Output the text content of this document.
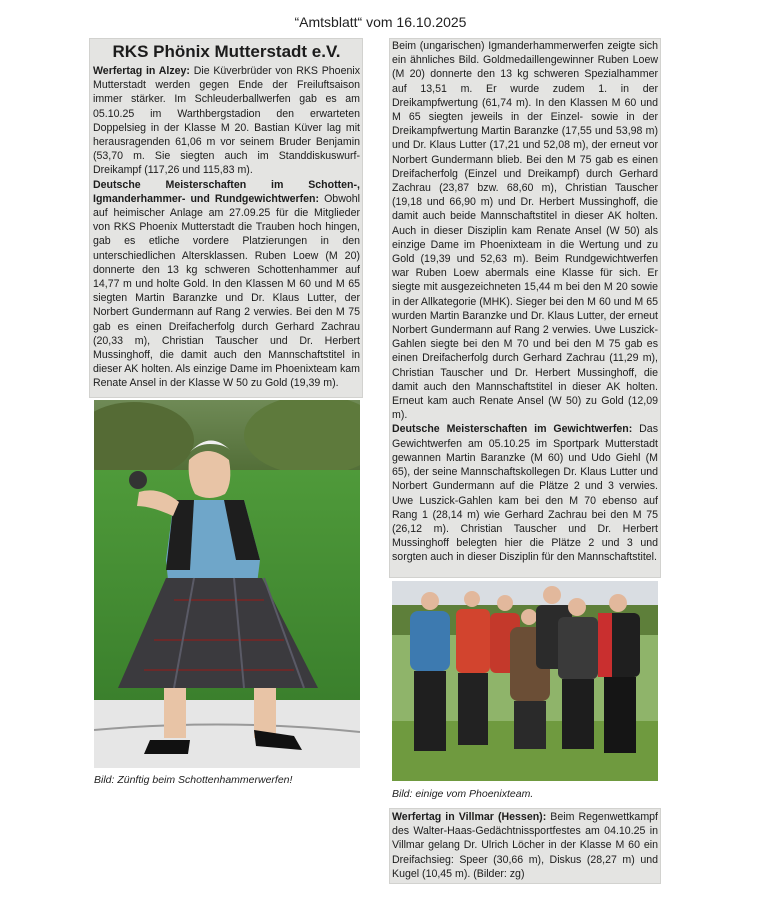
“Amtsblatt“ vom 16.10.2025
RKS Phönix Mutterstadt e.V.

Werfertag in Alzey: Die Küverbrüder von RKS Phoenix Mutterstadt werden gegen Ende der Freiluftsaison immer stärker. Im Schleuderballwerfen gab es am 05.10.25 im Warthbergstadion den erwarteten Doppelsieg in der Klasse M 20. Bastian Küver lag mit herausragenden 61,06 m vor seinem Bruder Benjamin (53,70 m. Sie siegten auch im Standdiskuswurf-Dreikampf (117,26 und 115,83 m).

Deutsche Meisterschaften im Schotten-, Igmanderhammer- und Rundgewichtwerfen: Obwohl auf heimischer Anlage am 27.09.25 für die Mitglieder von RKS Phoenix Mutterstadt die Trauben hoch hingen, gab es etliche vordere Platzierungen in den unterschiedlichen Altersklassen. Ruben Loew (M 20) donnerte den 13 kg schweren Schottenhammer auf 14,77 m und holte Gold. In den Klassen M 60 und M 65 siegten Martin Baranzke und Dr. Klaus Lutter, der Norbert Gundermann auf Rang 2 verwies. Bei den M 75 gab es einen Dreifacherfolg durch Gerhard Zachrau (20,33 m), Christian Tauscher und Dr. Herbert Mussinghoff, die damit auch den Mannschaftstitel in dieser AK holten. Als einzige Dame im Phoenixteam kam Renate Ansel in der Klasse W 50 zu Gold (19,39 m).

Bild: Zünftig beim Schottenhammerwerfen!

Beim (ungarischen) Igmanderhammerwerfen zeigte sich ein ähnliches Bild. Goldmedaillengewinner Ruben Loew (M 20) donnerte den 13 kg schweren Spezialhammer auf 13,51 m. Er wurde zudem 1. in der Dreikampfwertung (61,74 m). In den Klassen M 60 und M 65 siegten jeweils in der Einzel- sowie in der Dreikampfwertung Martin Baranzke (17,55 und 53,98 m) und Dr. Klaus Lutter (17,21 und 52,08 m), der erneut vor Norbert Gundermann blieb. Bei den M 75 gab es einen Dreifacherfolg (Einzel und Dreikampf) durch Gerhard Zachrau (23,87 bzw. 68,60 m), Christian Tauscher (19,18 und 66,90 m) und Dr. Herbert Mussinghoff, die damit auch beide Mannschaftstitel in dieser AK holten. Auch in dieser Disziplin kam Renate Ansel (W 50) als einzige Dame im Phoenixteam in die Wertung und zu Gold (19,39 und 52,63 m). Beim Rundgewichtwerfen war Ruben Loew abermals eine Klasse für sich. Er siegte mit ausgezeichneten 15,44 m bei den M 20 sowie in der Allkategorie (MHK). Sieger bei den M 60 und M 65 wurden Martin Baranzke und Dr. Klaus Lutter, der erneut Norbert Gundermann auf Rang 2 verwies. Uwe Luszick-Gahlen siegte bei den M 70 und bei den M 75 gab es einen Dreifacherfolg durch Gerhard Zachrau (11,29 m), Christian Tauscher und Dr. Herbert Mussinghoff, die damit auch den Mannschaftstitel in dieser AK holten. Erneut kam auch Renate Ansel (W 50) zu Gold (12,09 m).

Deutsche Meisterschaften im Gewichtwerfen: Das Gewichtwerfen am 05.10.25 im Sportpark Mutterstadt gewannen Martin Baranzke (M 60) und Udo Giehl (M 65), der seine Mannschaftskollegen Dr. Klaus Lutter und Norbert Gundermann auf die Plätze 2 und 3 verwies. Uwe Luszick-Gahlen kam bei den M 70 ebenso auf Rang 1 (28,14 m) wie Gerhard Zachrau bei den M 75 (26,12 m). Christian Tauscher und Dr. Herbert Mussinghoff belegten hier die Plätze 2 und 3 und sorgten auch in dieser Disziplin für den Mannschaftstitel.

Bild: einige vom Phoenixteam.

Werfertag in Villmar (Hessen): Beim Regenwettkampf des Walter-Haas-Gedächtnissportfestes am 04.10.25 in Villmar gelang Dr. Ulrich Löcher in der Klasse M 60 ein Dreifachsieg: Speer (30,66 m), Diskus (28,27 m) und Kugel (10,45 m). (Bilder: zg)
